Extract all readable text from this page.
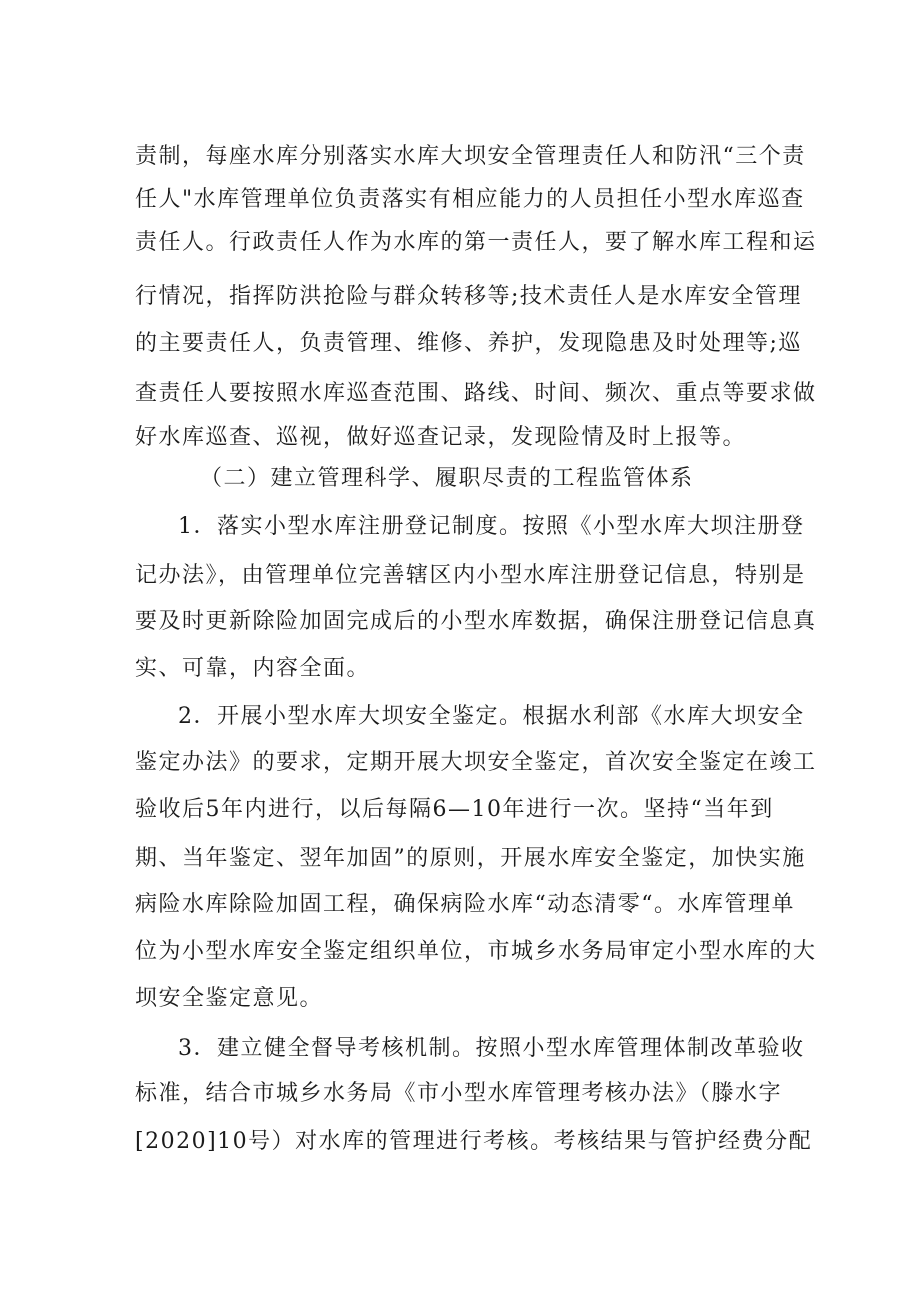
责制，每座水库分别落实水库大坝安全管理责任人和防汛“三个责

任人"水库管理单位负责落实有相应能力的人员担任小型水库巡查

责任人。行政责任人作为水库的第一责任人，要了解水库工程和运

行情况，指挥防洪抢险与群众转移等;技术责任人是水库安全管理

的主要责任人，负责管理、维修、养护，发现隐患及时处理等;巡

查责任人要按照水库巡查范围、路线、时间、频次、重点等要求做

好水库巡查、巡视，做好巡查记录，发现险情及时上报等。

（二）建立管理科学、履职尽责的工程监管体系

1．落实小型水库注册登记制度。按照《小型水库大坝注册登

记办法》，由管理单位完善辖区内小型水库注册登记信息，特别是

要及时更新除险加固完成后的小型水库数据，确保注册登记信息真

实、可靠，内容全面。

2．开展小型水库大坝安全鉴定。根据水利部《水库大坝安全

鉴定办法》的要求，定期开展大坝安全鉴定，首次安全鉴定在竣工

验收后5年内进行，以后每隔6—10年进行一次。坚持“当年到

期、当年鉴定、翌年加固”的原则，开展水库安全鉴定，加快实施

病险水库除险加固工程，确保病险水库“动态清零“。水库管理单

位为小型水库安全鉴定组织单位，市城乡水务局审定小型水库的大

坝安全鉴定意见。

3．建立健全督导考核机制。按照小型水库管理体制改革验收

标准，结合市城乡水务局《市小型水库管理考核办法》（滕水字

[2020]10号）对水库的管理进行考核。考核结果与管护经费分配
